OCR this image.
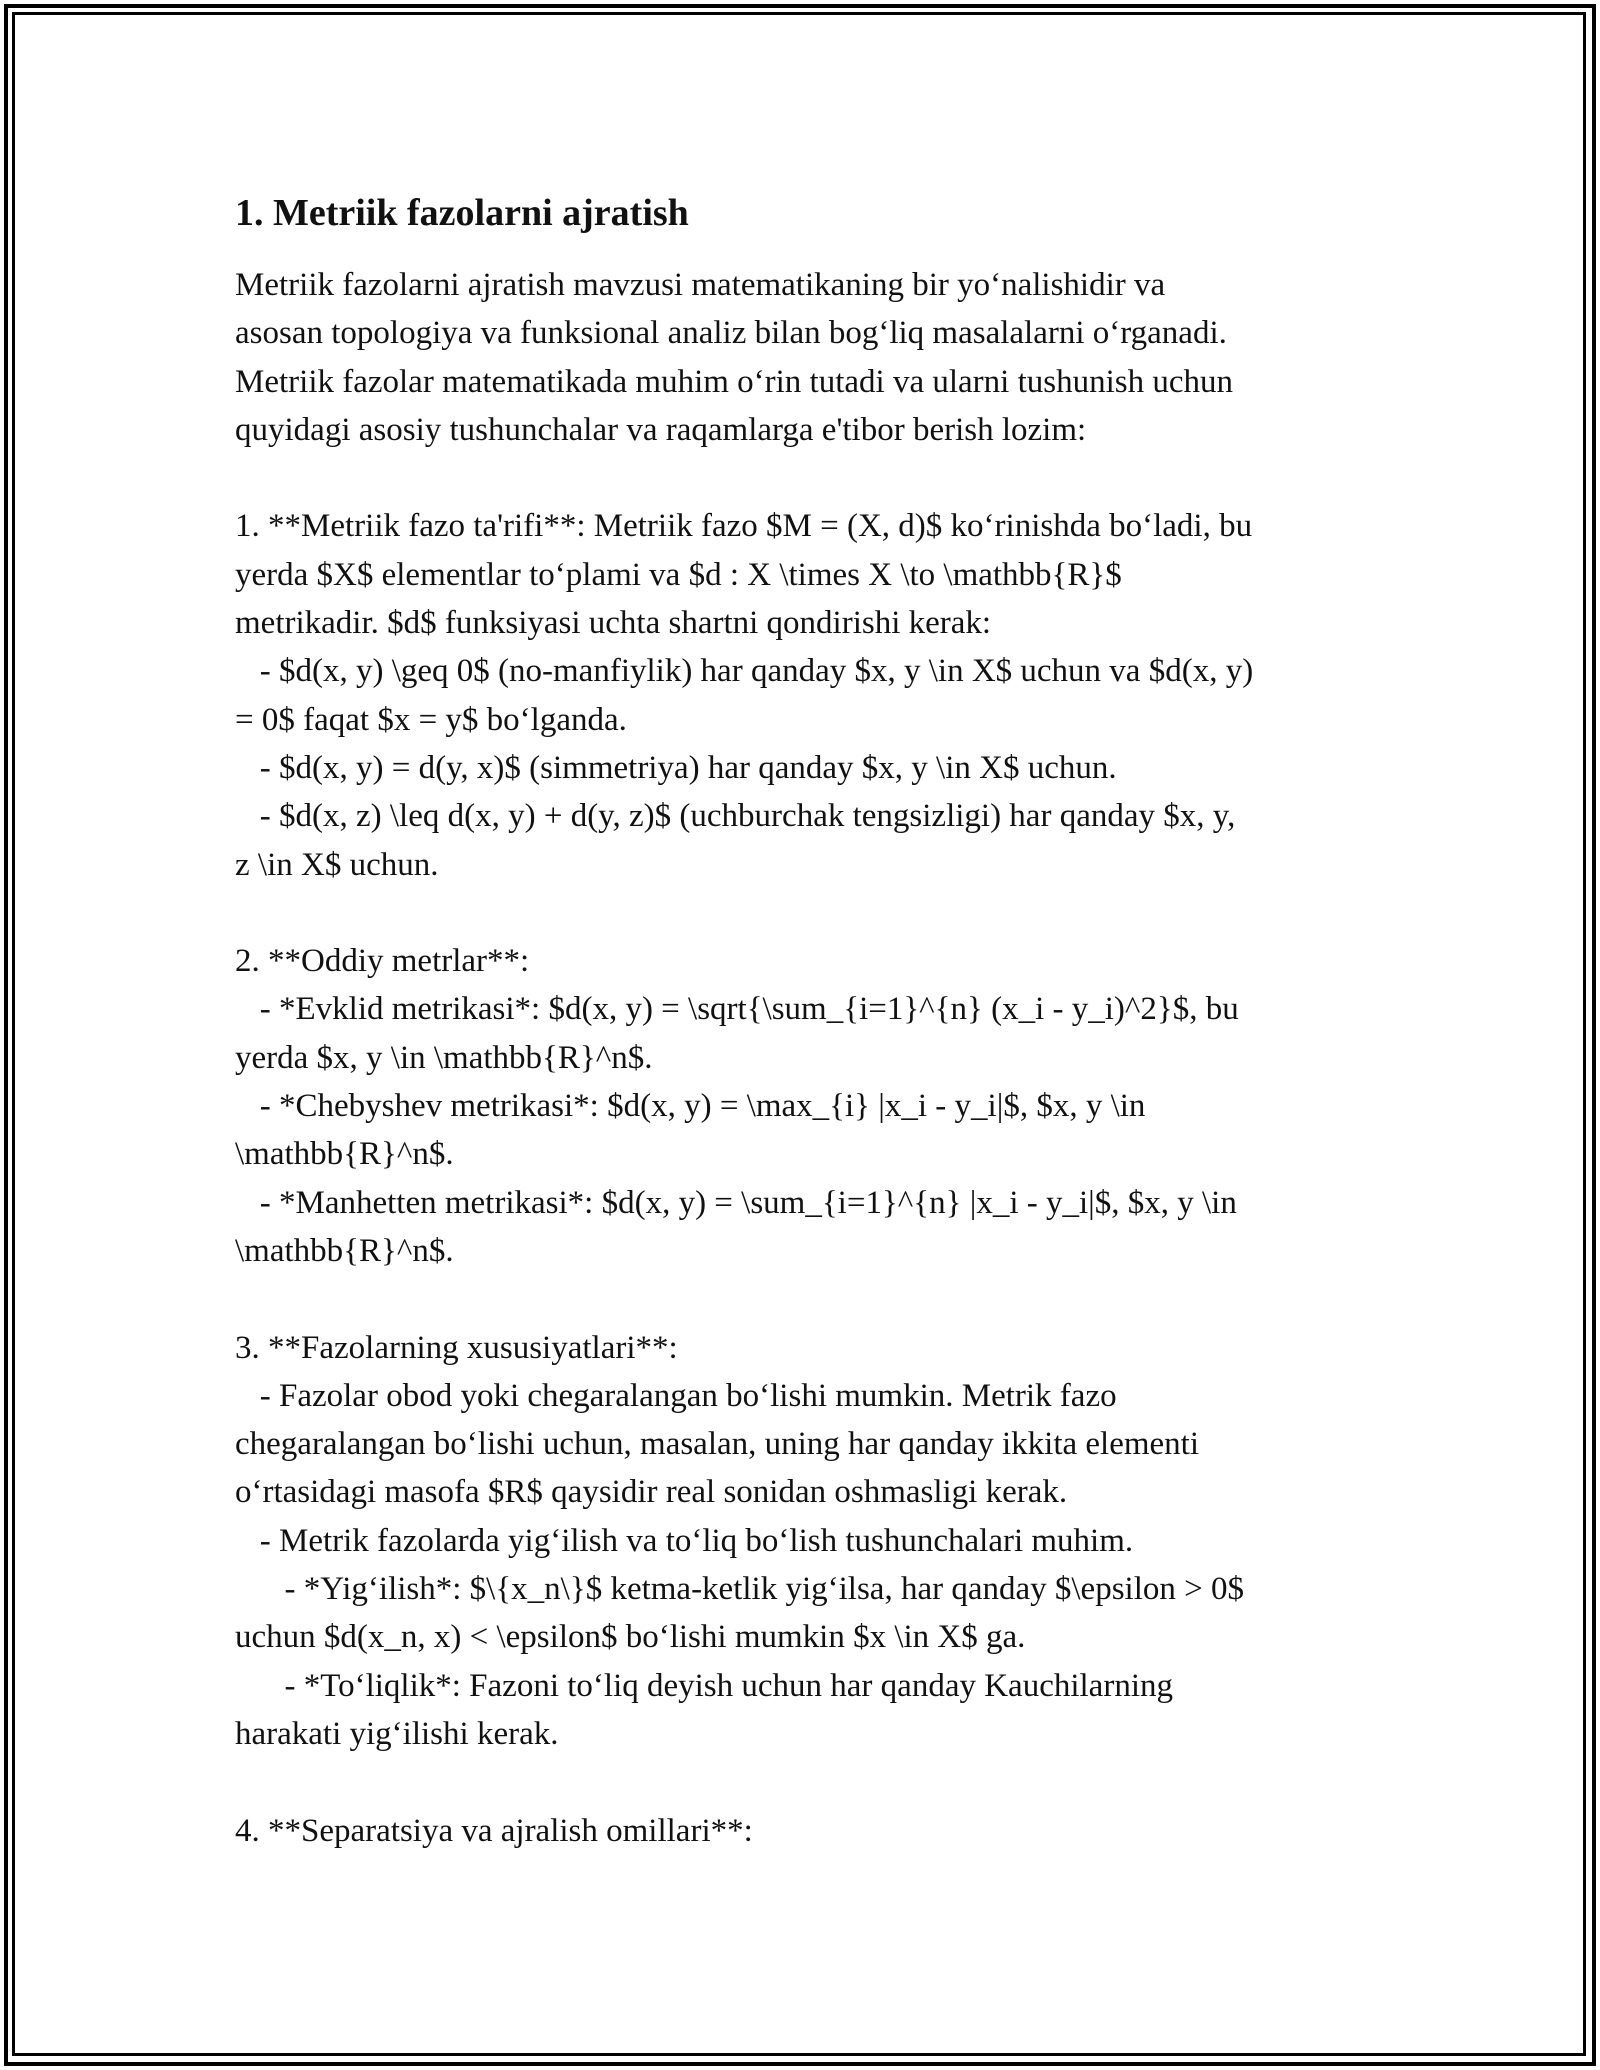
1. Metriik fazolarni ajratish

Metriik fazolarni ajratish mavzusi matematikaning bir yo‘nalishidir va

asosan topologiya va funksional analiz bilan bog‘liq masalalarni o‘rganadi.

Metriik fazolar matematikada muhim o‘rin tutadi va ularni tushunish uchun

quyidagi asosiy tushunchalar va raqamlarga e'tibor berish lozim:

1. **Metriik fazo ta'rifi**: Metriik fazo $M = (X, d)$ ko‘rinishda bo‘ladi, bu

yerda $X$ elementlar to‘plami va $d : X \times X \to \mathbb{R}$

metrikadir. $d$ funksiyasi uchta shartni qondirishi kerak:

- $d(x, y) \geq 0$ (no-manfiylik) har qanday $x, y \in X$ uchun va $d(x, y)

= 0$ faqat $x = y$ bo‘lganda.

- $d(x, y) = d(y, x)$ (simmetriya) har qanday $x, y \in X$ uchun.

- $d(x, z) \leq d(x, y) + d(y, z)$ (uchburchak tengsizligi) har qanday $x, y,

z \in X$ uchun.

2. **Oddiy metrlar**:

- *Evklid metrikasi*: $d(x, y) = \sqrt{\sum_{i=1}^{n} (x_i - y_i)^2}$, bu

yerda $x, y \in \mathbb{R}^n$.

- *Chebyshev metrikasi*: $d(x, y) = \max_{i} |x_i - y_i|$, $x, y \in

\mathbb{R}^n$.

- *Manhetten metrikasi*: $d(x, y) = \sum_{i=1}^{n} |x_i - y_i|$, $x, y \in

\mathbb{R}^n$.

3. **Fazolarning xususiyatlari**:

- Fazolar obod yoki chegaralangan bo‘lishi mumkin. Metrik fazo

chegaralangan bo‘lishi uchun, masalan, uning har qanday ikkita elementi

o‘rtasidagi masofa $R$ qaysidir real sonidan oshmasligi kerak.

- Metrik fazolarda yig‘ilish va to‘liq bo‘lish tushunchalari muhim.

- *Yig‘ilish*: $\{x_n\}$ ketma-ketlik yig‘ilsa, har qanday $\epsilon > 0$

uchun $d(x_n, x) < \epsilon$ bo‘lishi mumkin $x \in X$ ga.

- *To‘liqlik*: Fazoni to‘liq deyish uchun har qanday Kauchilarning

harakati yig‘ilishi kerak.

4. **Separatsiya va ajralish omillari**:
